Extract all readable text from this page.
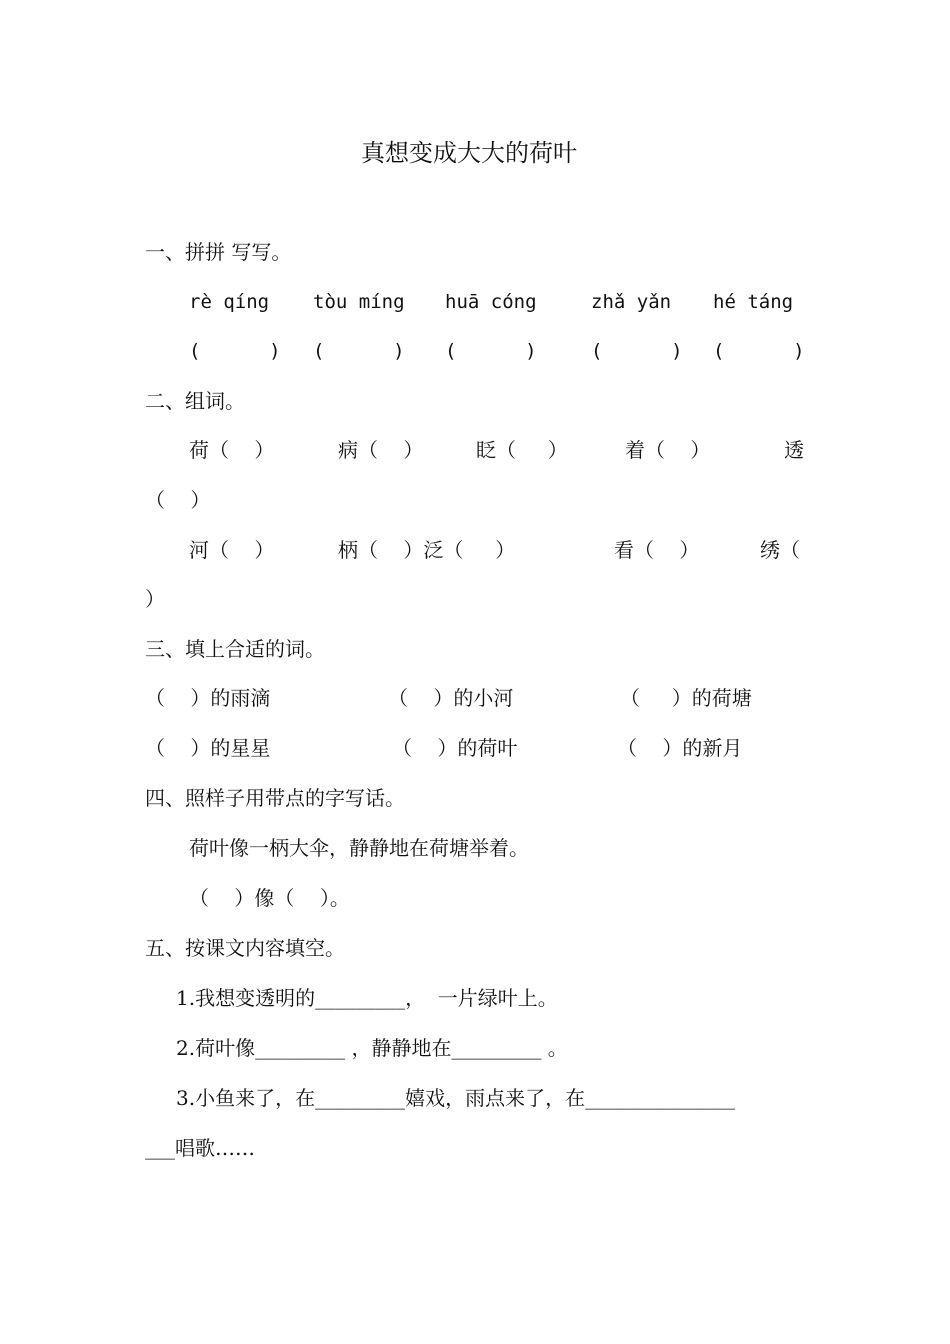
真想变成大大的荷叶
一、拼拼 写写。
rè qíng tòu míng huā cóng	zhǎ yǎn hé táng
(      ) (      ) (      )	(      ) (      )
二、组词。
荷（    ）	病（    ）	眨（     ）	着（    ）	透
（    ）
河（    ）	柄（    ）泛（     ）	看（    ）	绣（
）
三、填上合适的词。
（    ）的雨滴	（    ）的小河	（     ）的荷塘
（    ）的星星	（    ）的荷叶	（    ）的新月
四、照样子用带点的字写话。
荷叶像一柄大伞，静静地在荷塘举着。
（    ）像（    ）。
五、按课文内容填空。
1.我想变透明的_________，  一片绿叶上。
2.荷叶像_________ ，静静地在_________ 。
3.小鱼来了，在_________嬉戏，雨点来了，在_______________
___唱歌……
